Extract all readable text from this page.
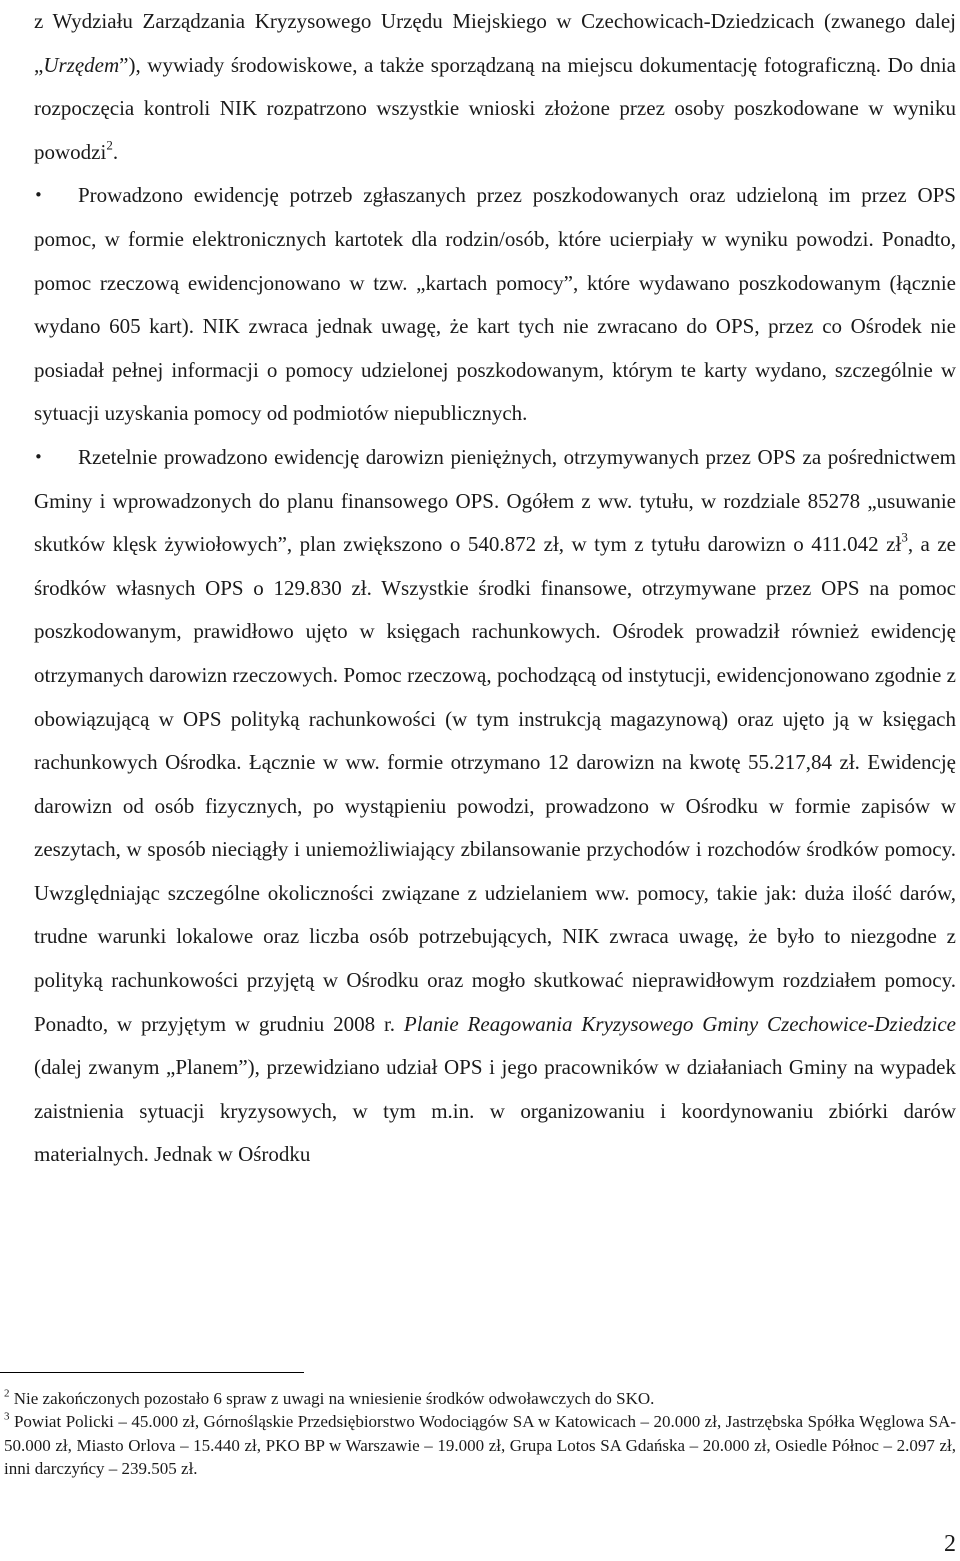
z Wydziału Zarządzania Kryzysowego Urzędu Miejskiego w Czechowicach-Dziedzicach (zwanego dalej „Urzędem”), wywiady środowiskowe, a także sporządzaną na miejscu dokumentację fotograficzną. Do dnia rozpoczęcia kontroli NIK rozpatrzono wszystkie wnioski złożone przez osoby poszkodowane w wyniku powodzi$^2$.

• Prowadzono ewidencję potrzeb zgłaszanych przez poszkodowanych oraz udzieloną im przez OPS pomoc, w formie elektronicznych kartotek dla rodzin/osób, które ucierpiały w wyniku powodzi. Ponadto, pomoc rzeczową ewidencjonowano w tzw. „kartach pomocy”, które wydawano poszkodowanym (łącznie wydano 605 kart). NIK zwraca jednak uwagę, że kart tych nie zwracano do OPS, przez co Ośrodek nie posiadał pełnej informacji o pomocy udzielonej poszkodowanym, którym te karty wydano, szczególnie w sytuacji uzyskania pomocy od podmiotów niepublicznych.

• Rzetelnie prowadzono ewidencję darowizn pieniężnych, otrzymywanych przez OPS za pośrednictwem Gminy i wprowadzonych do planu finansowego OPS. Ogółem z ww. tytułu, w rozdziale 85278 „usuwanie skutków klęsk żywiołowych”, plan zwiększono o 540.872 zł, w tym z tytułu darowizn o 411.042 $zł^3$, a ze środków własnych OPS o 129.830 zł. Wszystkie środki finansowe, otrzymywane przez OPS na pomoc poszkodowanym, prawidłowo ujęto w księgach rachunkowych. Ośrodek prowadził również ewidencję otrzymanych darowizn rzeczowych. Pomoc rzeczową, pochodzącą od instytucji, ewidencjonowano zgodnie z obowiązującą w OPS polityką rachunkowości (w tym instrukcją magazynową) oraz ujęto ją w księgach rachunkowych Ośrodka. Łącznie w ww. formie otrzymano 12 darowizn na kwotę 55.217,84 zł. Ewidencję darowizn od osób fizycznych, po wystąpieniu powodzi, prowadzono w Ośrodku w formie zapisów w zeszytach, w sposób nieciągły i uniemożliwiający zbilansowanie przychodów i rozchodów środków pomocy. Uwzględniając szczególne okoliczności związane z udzielaniem ww. pomocy, takie jak: duża ilość darów, trudne warunki lokalowe oraz liczba osób potrzebujących, NIK zwraca uwagę, że było to niezgodne z polityką rachunkowości przyjętą w Ośrodku oraz mogło skutkować nieprawidłowym rozdziałem pomocy. Ponadto, w przyjętym w grudniu 2008 r. Planie Reagowania Kryzysowego Gminy Czechowice-Dziedzice (dalej zwanym „Planem”), przewidziano udział OPS i jego pracowników w działaniach Gminy na wypadek zaistnienia sytuacji kryzysowych, w tym m.in. w organizowaniu i koordynowaniu zbiórki darów materialnych. Jednak w Ośrodku

$^2$ Nie zakończonych pozostało 6 spraw z uwagi na wniesienie środków odwoławczych do SKO.

$^3$ Powiat Policki – 45.000 zł, Górnośląskie Przedsiębiorstwo Wodociągów SA w Katowicach – 20.000 zł, Jastrzębska Spółka Węglowa SA- 50.000 zł, Miasto Orlova – 15.440 zł, PKO BP w Warszawie – 19.000 zł, Grupa Lotos SA Gdańska – 20.000 zł, Osiedle Północ – 2.097 zł, inni darczyńcy – 239.505 zł.

2
